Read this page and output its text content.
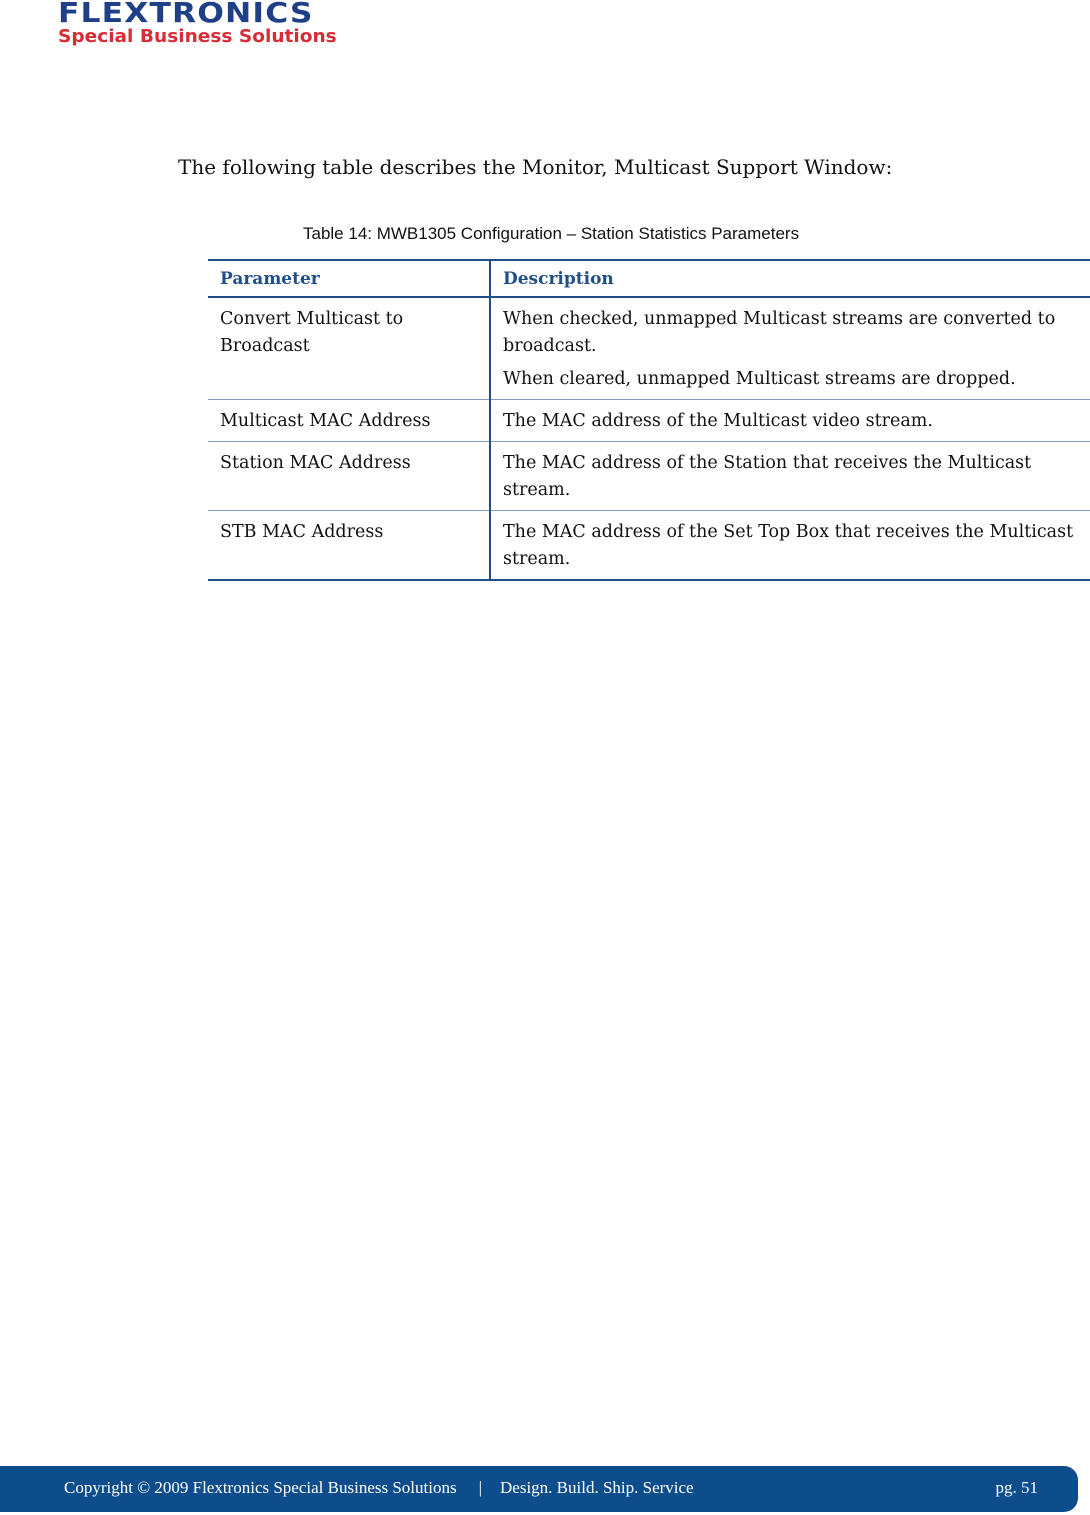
FLEXTRONICS
Special Business Solutions
The following table describes the Monitor, Multicast Support Window:
Table 14: MWB1305 Configuration – Station Statistics Parameters
Parameter	Description
Convert Multicast to Broadcast	When checked, unmapped Multicast streams are converted to broadcast.

When cleared, unmapped Multicast streams are dropped.

Multicast MAC Address	The MAC address of the Multicast video stream.
Station MAC Address	The MAC address of the Station that receives the Multicast stream.
STB MAC Address	The MAC address of the Set Top Box that receives the Multicast stream.
Copyright © 2009 Flextronics Special Business Solutions | Design. Build. Ship. Service	pg. 51
